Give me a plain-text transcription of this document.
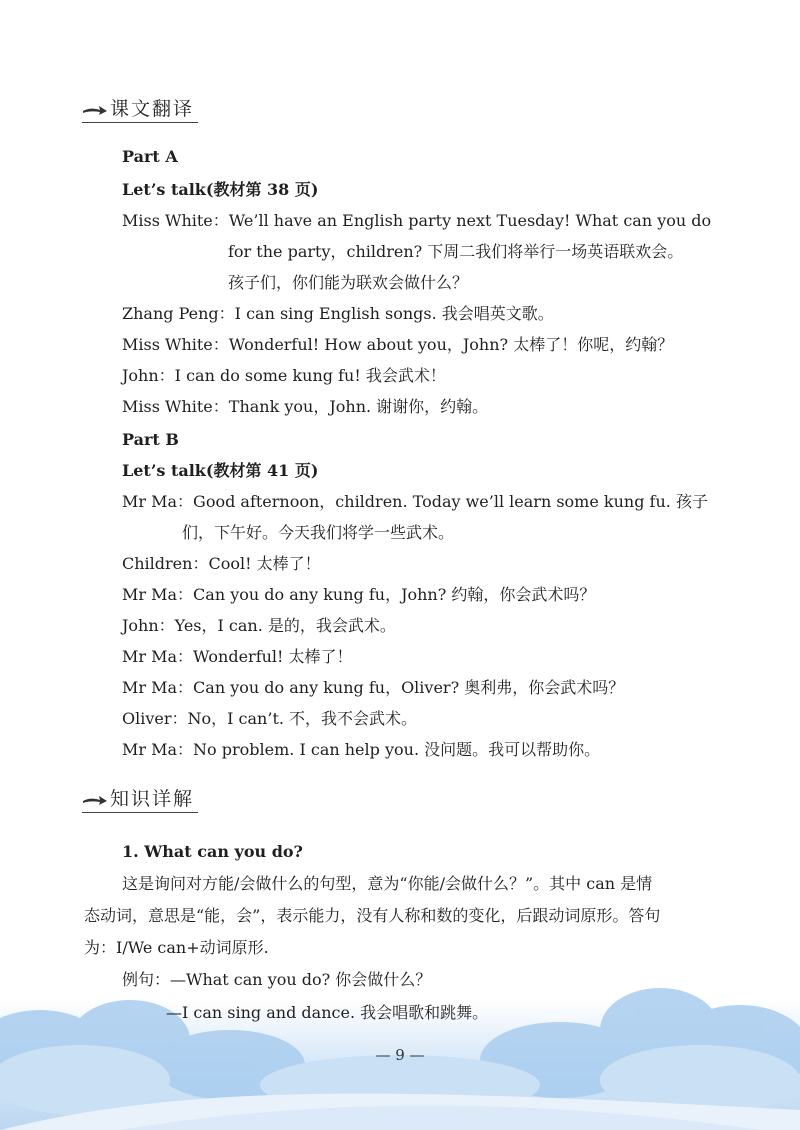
课文翻译
Part A
Let’s talk(教材第 38 页)
Miss White：We’ll have an English party next Tuesday! What can you do
for the party，children? 下周二我们将举行一场英语联欢会。
孩子们，你们能为联欢会做什么？
Zhang Peng：I can sing English songs. 我会唱英文歌。
Miss White：Wonderful! How about you，John? 太棒了！你呢，约翰？
John：I can do some kung fu! 我会武术！
Miss White：Thank you，John. 谢谢你，约翰。
Part B
Let’s talk(教材第 41 页)
Mr Ma：Good afternoon，children. Today we’ll learn some kung fu. 孩子
们，下午好。今天我们将学一些武术。
Children：Cool! 太棒了！
Mr Ma：Can you do any kung fu，John? 约翰，你会武术吗？
John：Yes，I can. 是的，我会武术。
Mr Ma：Wonderful! 太棒了！
Mr Ma：Can you do any kung fu，Oliver? 奥利弗，你会武术吗？
Oliver：No，I can’t. 不，我不会武术。
Mr Ma：No problem. I can help you. 没问题。我可以帮助你。
知识详解
1. What can you do?
这是询问对方能/会做什么的句型，意为“你能/会做什么？”。其中 can 是情
态动词，意思是“能，会”，表示能力，没有人称和数的变化，后跟动词原形。答句
为：I/We can+动词原形.
例句：—What can you do? 你会做什么？
—I can sing and dance. 我会唱歌和跳舞。
— 9 —
